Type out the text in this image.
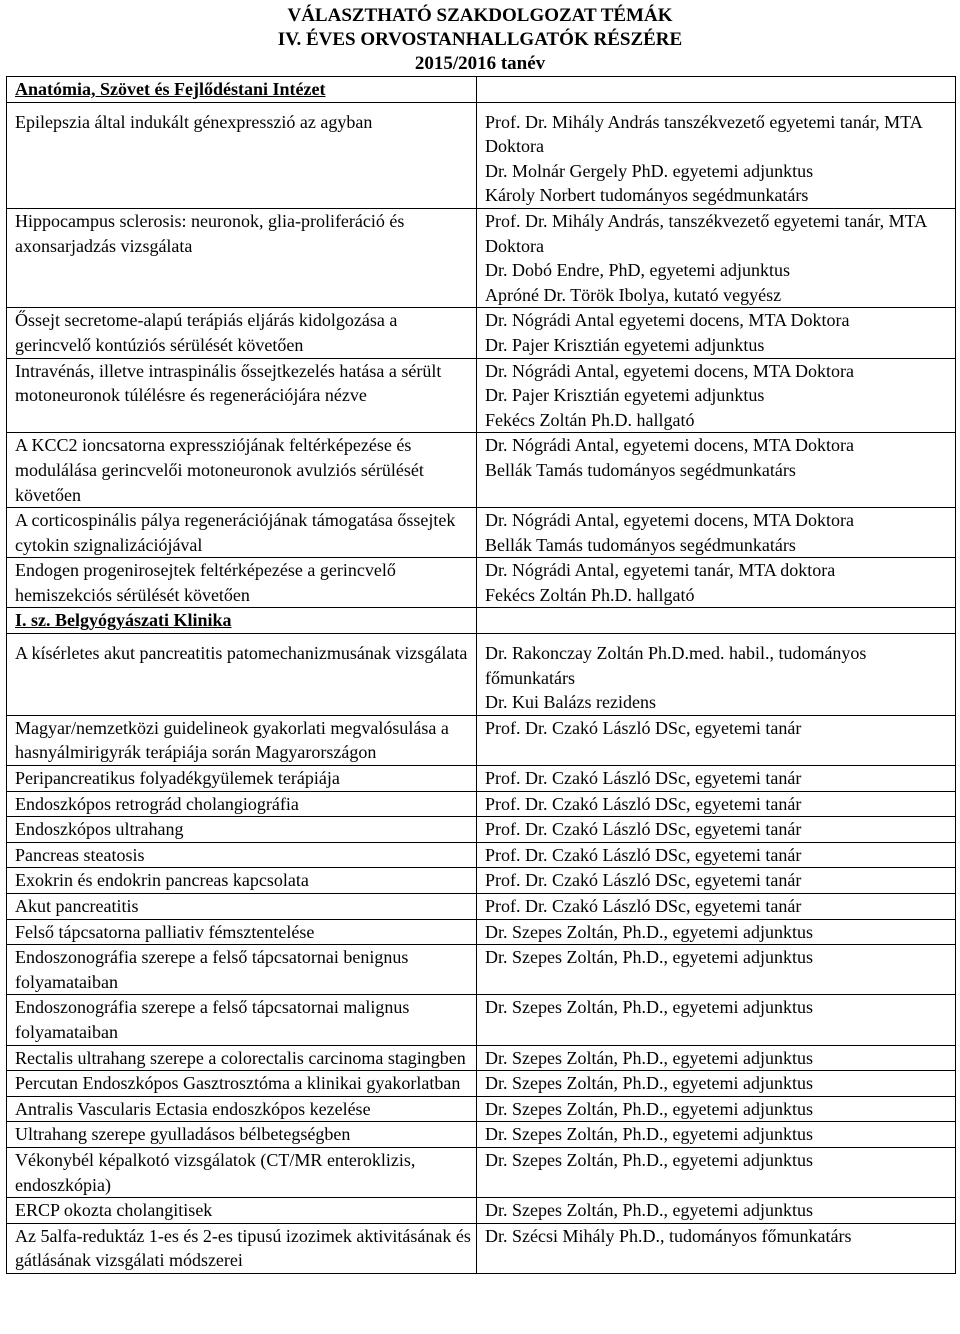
VÁLASZTHATÓ SZAKDOLGOZAT TÉMÁK
IV. ÉVES ORVOSTANHALLGATÓK RÉSZÉRE
2015/2016 tanév
Anatómia, Szövet és Fejlődéstani Intézet	

Epilepszia által indukált génexpresszió az agyban	Prof. Dr. Mihály András tanszékvezető egyetemi tanár, MTA Doktora
Dr. Molnár Gergely PhD. egyetemi adjunktus
Károly Norbert tudományos segédmunkatárs

Hippocampus sclerosis: neuronok, glia-proliferáció és axonsarjadzás vizsgálata	Prof. Dr. Mihály András, tanszékvezető egyetemi tanár, MTA Doktora
Dr. Dobó Endre, PhD, egyetemi adjunktus
Apróné Dr. Török Ibolya, kutató vegyész

Őssejt secretome-alapú terápiás eljárás kidolgozása a gerincvelő kontúziós sérülését követően	Dr. Nógrádi Antal egyetemi docens, MTA Doktora
Dr. Pajer Krisztián egyetemi adjunktus

Intravénás, illetve intraspinális őssejtkezelés hatása a sérült motoneuronok túlélésre és regenerációjára nézve	Dr. Nógrádi Antal, egyetemi docens, MTA Doktora
Dr. Pajer Krisztián egyetemi adjunktus
Fekécs Zoltán Ph.D. hallgató

A KCC2 ioncsatorna expressziójának feltérképezése és modulálása gerincvelői motoneuronok avulziós sérülését követően	Dr. Nógrádi Antal, egyetemi docens, MTA Doktora
Bellák Tamás tudományos segédmunkatárs

A corticospinális pálya regenerációjának támogatása őssejtek cytokin szignalizációjával	Dr. Nógrádi Antal, egyetemi docens, MTA Doktora
Bellák Tamás tudományos segédmunkatárs

Endogen progenirosejtek feltérképezése a gerincvelő hemiszekciós sérülését követően	Dr. Nógrádi Antal, egyetemi tanár, MTA doktora
Fekécs Zoltán Ph.D. hallgató

I. sz. Belgyógyászati Klinika	

A kísérletes akut pancreatitis patomechanizmusának vizsgálata	Dr. Rakonczay Zoltán Ph.D.med. habil., tudományos főmunkatárs
Dr. Kui Balázs rezidens

Magyar/nemzetközi guidelineok gyakorlati megvalósulása a hasnyálmirigyrák terápiája során Magyarországon	Prof. Dr. Czakó László DSc, egyetemi tanár

Peripancreatikus folyadékgyülemek terápiája	Prof. Dr. Czakó László DSc, egyetemi tanár

Endoszkópos retrográd cholangiográfia	Prof. Dr. Czakó László DSc, egyetemi tanár

Endoszkópos ultrahang	Prof. Dr. Czakó László DSc, egyetemi tanár

Pancreas steatosis	Prof. Dr. Czakó László DSc, egyetemi tanár

Exokrin és endokrin pancreas kapcsolata	Prof. Dr. Czakó László DSc, egyetemi tanár

Akut pancreatitis	Prof. Dr. Czakó László DSc, egyetemi tanár

Felső tápcsatorna palliativ fémsztentelése	Dr. Szepes Zoltán, Ph.D., egyetemi adjunktus

Endoszonográfia szerepe a felső tápcsatornai benignus folyamataiban	Dr. Szepes Zoltán, Ph.D., egyetemi adjunktus

Endoszonográfia szerepe a felső tápcsatornai malignus folyamataiban	Dr. Szepes Zoltán, Ph.D., egyetemi adjunktus

Rectalis ultrahang szerepe a colorectalis carcinoma stagingben	Dr. Szepes Zoltán, Ph.D., egyetemi adjunktus

Percutan Endoszkópos Gasztrosztóma a klinikai gyakorlatban	Dr. Szepes Zoltán, Ph.D., egyetemi adjunktus

Antralis Vascularis Ectasia endoszkópos kezelése	Dr. Szepes Zoltán, Ph.D., egyetemi adjunktus

Ultrahang szerepe gyulladásos bélbetegségben	Dr. Szepes Zoltán, Ph.D., egyetemi adjunktus

Vékonybél képalkotó vizsgálatok (CT/MR enteroklizis, endoszkópia)	Dr. Szepes Zoltán, Ph.D., egyetemi adjunktus

ERCP okozta cholangitisek	Dr. Szepes Zoltán, Ph.D., egyetemi adjunktus

Az 5alfa-reduktáz 1-es és 2-es tipusú izozimek aktivitásának és gátlásának vizsgálati módszerei	Dr. Szécsi Mihály Ph.D., tudományos főmunkatárs
